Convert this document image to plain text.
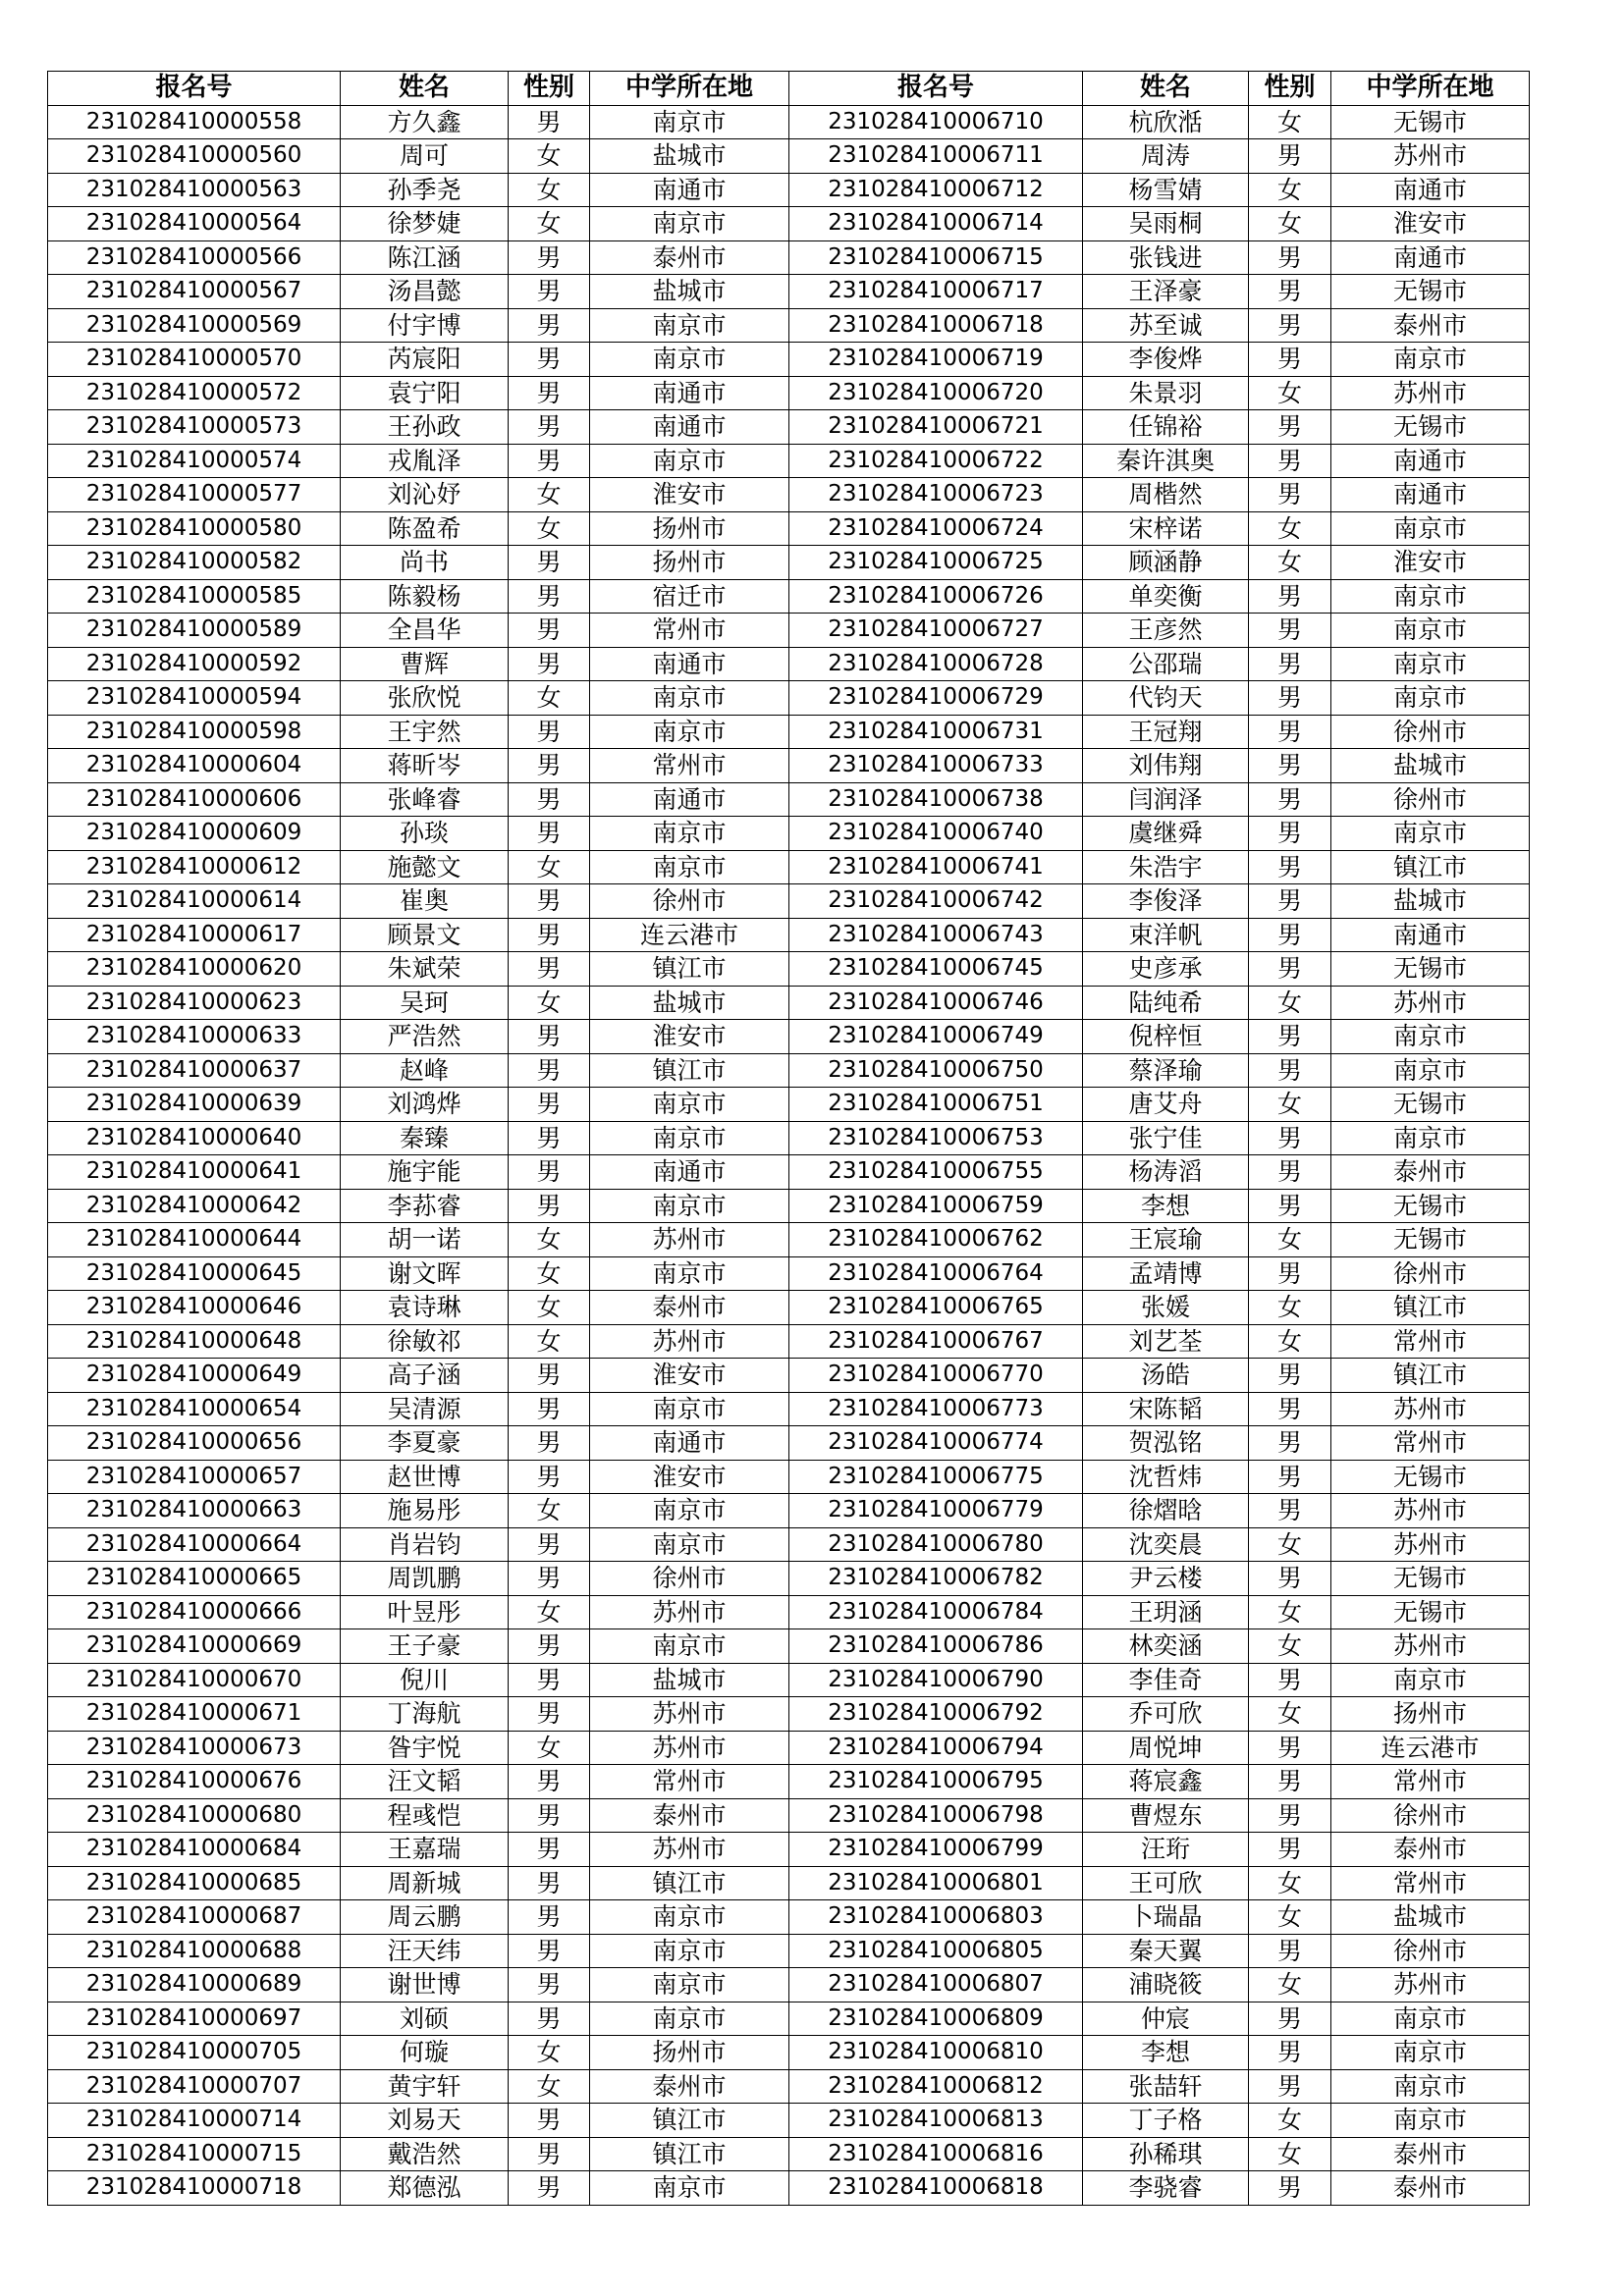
报名号	姓名	性别	中学所在地	报名号	姓名	性别	中学所在地
231028410000558	方久鑫	男	南京市	231028410006710	杭欣湉	女	无锡市
231028410000560	周可	女	盐城市	231028410006711	周涛	男	苏州市
231028410000563	孙季尧	女	南通市	231028410006712	杨雪婧	女	南通市
231028410000564	徐梦婕	女	南京市	231028410006714	吴雨桐	女	淮安市
231028410000566	陈江涵	男	泰州市	231028410006715	张钱进	男	南通市
231028410000567	汤昌懿	男	盐城市	231028410006717	王泽豪	男	无锡市
231028410000569	付宇博	男	南京市	231028410006718	苏至诚	男	泰州市
231028410000570	芮宸阳	男	南京市	231028410006719	李俊烨	男	南京市
231028410000572	袁宁阳	男	南通市	231028410006720	朱景羽	女	苏州市
231028410000573	王孙政	男	南通市	231028410006721	任锦裕	男	无锡市
231028410000574	戎胤泽	男	南京市	231028410006722	秦许淇奥	男	南通市
231028410000577	刘沁妤	女	淮安市	231028410006723	周楷然	男	南通市
231028410000580	陈盈希	女	扬州市	231028410006724	宋梓诺	女	南京市
231028410000582	尚书	男	扬州市	231028410006725	顾涵静	女	淮安市
231028410000585	陈毅杨	男	宿迁市	231028410006726	单奕衡	男	南京市
231028410000589	全昌华	男	常州市	231028410006727	王彦然	男	南京市
231028410000592	曹辉	男	南通市	231028410006728	公邵瑞	男	南京市
231028410000594	张欣悦	女	南京市	231028410006729	代钧天	男	南京市
231028410000598	王宇然	男	南京市	231028410006731	王冠翔	男	徐州市
231028410000604	蒋昕岑	男	常州市	231028410006733	刘伟翔	男	盐城市
231028410000606	张峰睿	男	南通市	231028410006738	闫润泽	男	徐州市
231028410000609	孙琰	男	南京市	231028410006740	虞继舜	男	南京市
231028410000612	施懿文	女	南京市	231028410006741	朱浩宇	男	镇江市
231028410000614	崔奥	男	徐州市	231028410006742	李俊泽	男	盐城市
231028410000617	顾景文	男	连云港市	231028410006743	束洋帆	男	南通市
231028410000620	朱斌荣	男	镇江市	231028410006745	史彦承	男	无锡市
231028410000623	吴珂	女	盐城市	231028410006746	陆纯希	女	苏州市
231028410000633	严浩然	男	淮安市	231028410006749	倪梓恒	男	南京市
231028410000637	赵峰	男	镇江市	231028410006750	蔡泽瑜	男	南京市
231028410000639	刘鸿烨	男	南京市	231028410006751	唐艾舟	女	无锡市
231028410000640	秦臻	男	南京市	231028410006753	张宁佳	男	南京市
231028410000641	施宇能	男	南通市	231028410006755	杨涛滔	男	泰州市
231028410000642	李荪睿	男	南京市	231028410006759	李想	男	无锡市
231028410000644	胡一诺	女	苏州市	231028410006762	王宸瑜	女	无锡市
231028410000645	谢文晖	女	南京市	231028410006764	孟靖博	男	徐州市
231028410000646	袁诗琳	女	泰州市	231028410006765	张媛	女	镇江市
231028410000648	徐敏祁	女	苏州市	231028410006767	刘艺荃	女	常州市
231028410000649	高子涵	男	淮安市	231028410006770	汤皓	男	镇江市
231028410000654	吴清源	男	南京市	231028410006773	宋陈韬	男	苏州市
231028410000656	李夏豪	男	南通市	231028410006774	贺泓铭	男	常州市
231028410000657	赵世博	男	淮安市	231028410006775	沈哲炜	男	无锡市
231028410000663	施易彤	女	南京市	231028410006779	徐熠晗	男	苏州市
231028410000664	肖岩钧	男	南京市	231028410006780	沈奕晨	女	苏州市
231028410000665	周凯鹏	男	徐州市	231028410006782	尹云楼	男	无锡市
231028410000666	叶昱彤	女	苏州市	231028410006784	王玥涵	女	无锡市
231028410000669	王子豪	男	南京市	231028410006786	林奕涵	女	苏州市
231028410000670	倪川	男	盐城市	231028410006790	李佳奇	男	南京市
231028410000671	丁海航	男	苏州市	231028410006792	乔可欣	女	扬州市
231028410000673	昝宇悦	女	苏州市	231028410006794	周悦坤	男	连云港市
231028410000676	汪文韬	男	常州市	231028410006795	蒋宸鑫	男	常州市
231028410000680	程彧恺	男	泰州市	231028410006798	曹煜东	男	徐州市
231028410000684	王嘉瑞	男	苏州市	231028410006799	汪珩	男	泰州市
231028410000685	周新城	男	镇江市	231028410006801	王可欣	女	常州市
231028410000687	周云鹏	男	南京市	231028410006803	卜瑞晶	女	盐城市
231028410000688	汪天纬	男	南京市	231028410006805	秦天翼	男	徐州市
231028410000689	谢世博	男	南京市	231028410006807	浦晓筱	女	苏州市
231028410000697	刘硕	男	南京市	231028410006809	仲宸	男	南京市
231028410000705	何璇	女	扬州市	231028410006810	李想	男	南京市
231028410000707	黄宇轩	女	泰州市	231028410006812	张喆轩	男	南京市
231028410000714	刘易天	男	镇江市	231028410006813	丁子格	女	南京市
231028410000715	戴浩然	男	镇江市	231028410006816	孙稀琪	女	泰州市
231028410000718	郑德泓	男	南京市	231028410006818	李骁睿	男	泰州市
